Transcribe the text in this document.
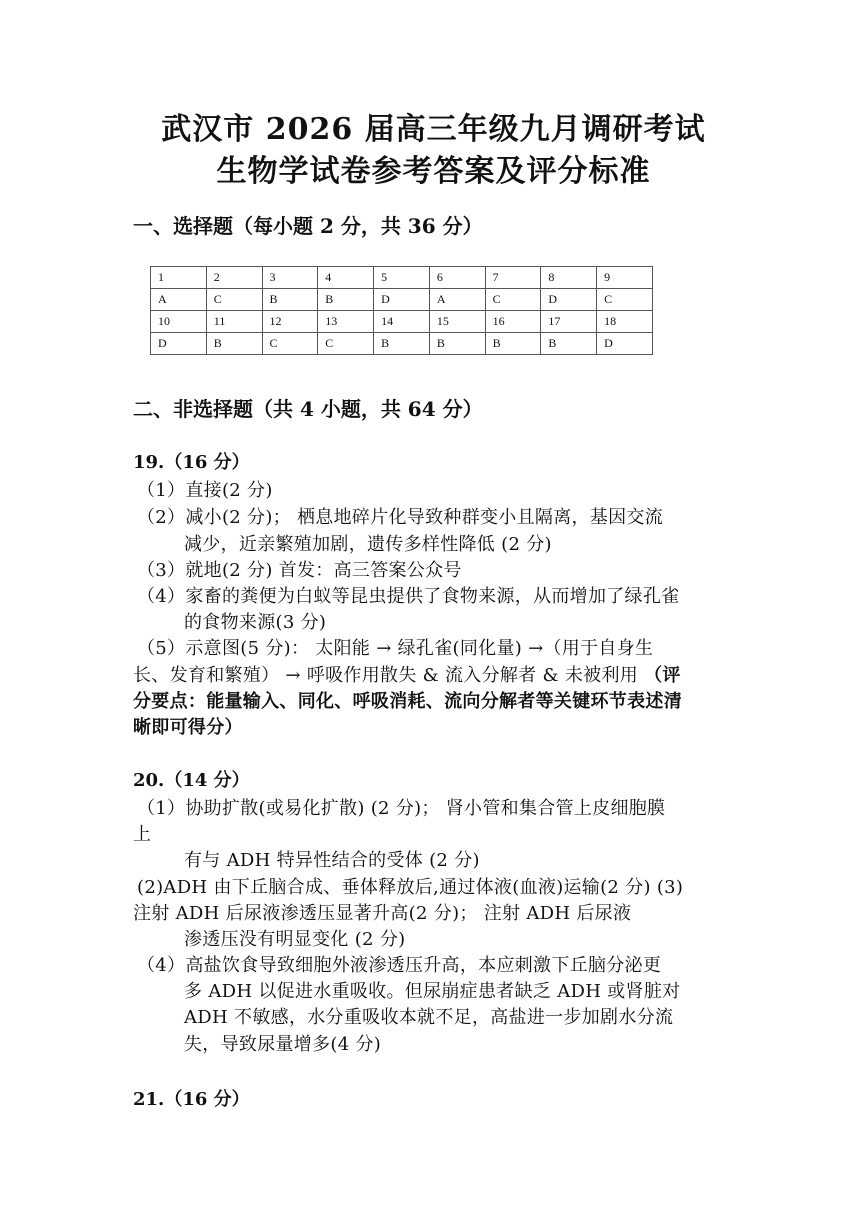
武汉市 2026 届高三年级九月调研考试
生物学试卷参考答案及评分标准
一、选择题（每小题 2 分，共 36 分）
1	2	3	4	5	6	7	8	9
A	C	B	B	D	A	C	D	C
10	11	12	13	14	15	16	17	18
D	B	C	C	B	B	B	B	D
二、非选择题（共 4 小题，共 64 分）
19.（16 分）
（1）直接(2 分)
（2）减小(2 分)； 栖息地碎片化导致种群变小且隔离，基因交流
减少，近亲繁殖加剧，遗传多样性降低 (2 分)
（3）就地(2 分) 首发：高三答案公众号
（4）家畜的粪便为白蚁等昆虫提供了食物来源，从而增加了绿孔雀
的食物来源(3 分)
（5）示意图(5 分)： 太阳能 → 绿孔雀(同化量) →（用于自身生
长、发育和繁殖） → 呼吸作用散失 & 流入分解者 & 未被利用 （评
分要点：能量输入、同化、呼吸消耗、流向分解者等关键环节表述清
晰即可得分）
20.（14 分）
（1）协助扩散(或易化扩散) (2 分)； 肾小管和集合管上皮细胞膜
上
有与 ADH 特异性结合的受体 (2 分)
(2)ADH 由下丘脑合成、垂体释放后,通过体液(血液)运输(2 分) (3)
注射 ADH 后尿液渗透压显著升高(2 分)； 注射 ADH 后尿液
渗透压没有明显变化 (2 分)
（4）高盐饮食导致细胞外液渗透压升高，本应刺激下丘脑分泌更
多 ADH 以促进水重吸收。但尿崩症患者缺乏 ADH 或肾脏对
ADH 不敏感，水分重吸收本就不足，高盐进一步加剧水分流
失，导致尿量增多(4 分)
21.（16 分）
